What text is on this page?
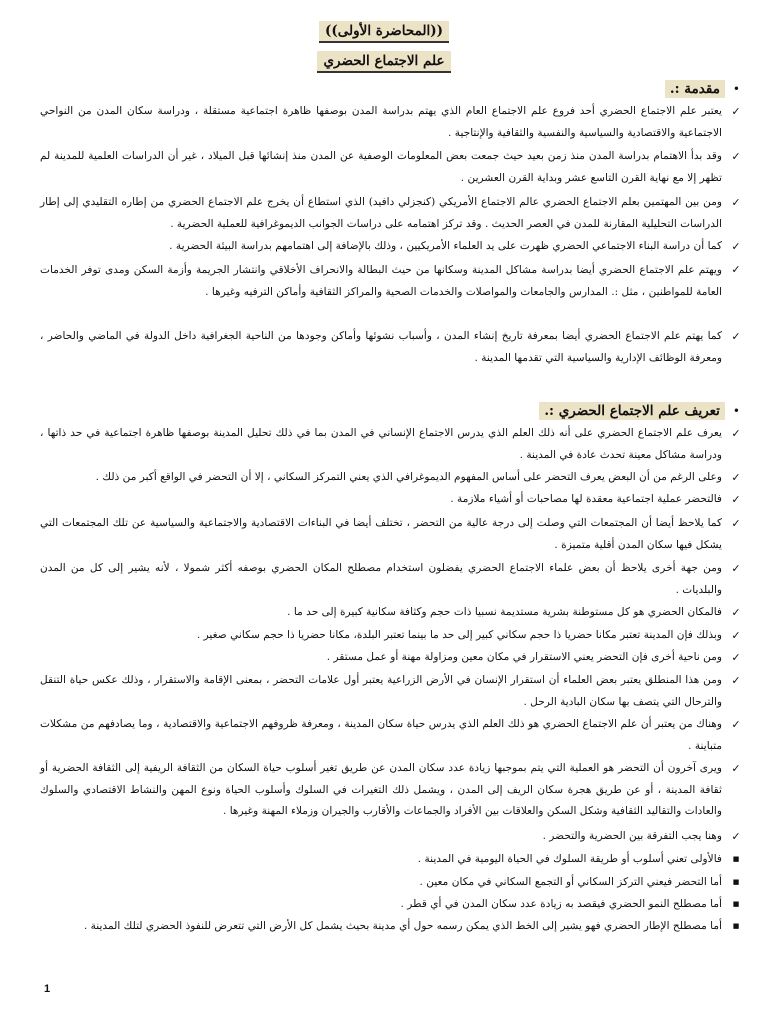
((المحاضرة الأولى))
علم الاجتماع الحضري
•
مقدمة :.
✓
يعتبر علم الاجتماع الحضري أحد فروع علم الاجتماع العام الذي يهتم بدراسة المدن بوصفها ظاهرة اجتماعية مستقلة ، ودراسة سكان المدن من النواحي الاجتماعية والاقتصادية والسياسية والنفسية والثقافية والإنتاجية .
✓
وقد بدأ الاهتمام بدراسة المدن منذ زمن بعيد حيث جمعت بعض المعلومات الوصفية عن المدن منذ إنشائها قبل الميلاد ، غير أن الدراسات العلمية للمدينة لم تظهر إلا مع نهاية القرن التاسع عشر وبداية القرن العشرين .
✓
ومن بين المهتمين بعلم الاجتماع الحضري عالم الاجتماع الأمريكي (كنجزلي دافيد) الذي استطاع أن يخرج علم الاجتماع الحضري من إطاره التقليدي إلى إطار الدراسات التحليلية المقارنة للمدن في العصر الحديث . وقد تركز اهتمامه على دراسات الجوانب الديموغرافية للعملية الحضرية .
✓
كما أن دراسة البناء الاجتماعي الحضري ظهرت على يد العلماء الأمريكيين ، وذلك بالإضافة إلى اهتمامهم بدراسة البيئة الحضرية .
✓
ويهتم علم الاجتماع الحضري أيضا بدراسة مشاكل المدينة وسكانها من حيث البطالة والانحراف الأخلاقي وانتشار الجريمة وأزمة السكن ومدى توفر الخدمات العامة للمواطنين ، مثل :. المدارس والجامعات والمواصلات والخدمات الصحية والمراكز الثقافية وأماكن الترفيه وغيرها .
✓
كما يهتم علم الاجتماع الحضري أيضا بمعرفة تاريخ إنشاء المدن ، وأسباب نشوئها وأماكن وجودها من الناحية الجغرافية داخل الدولة في الماضي والحاضر ، ومعرفة الوظائف الإدارية والسياسية التي تقدمها المدينة .
•
تعريف علم الاجتماع الحضري :.
✓
يعرف علم الاجتماع الحضري على أنه ذلك العلم الذي يدرس الاجتماع الإنساني في المدن بما في ذلك تحليل المدينة بوصفها ظاهرة اجتماعية في حد ذاتها ، ودراسة مشاكل معينة تحدث عادة في المدينة .
✓
وعلى الرغم من أن البعض يعرف التحضر على أساس المفهوم الديموغرافي الذي يعني التمركز السكاني ، إلا أن التحضر في الواقع أكبر من ذلك .
✓
فالتحضر عملية اجتماعية معقدة لها مصاحبات أو أشياء ملازمة .
✓
كما يلاحظ أيضا أن المجتمعات التي وصلت إلى درجة عالية من التحضر ، تختلف أيضا في البناءات الاقتصادية والاجتماعية والسياسية عن تلك المجتمعات التي يشكل فيها سكان المدن أقلية متميزة .
✓
ومن جهة أخرى يلاحظ أن بعض علماء الاجتماع الحضري يفضلون استخدام مصطلح المكان الحضري بوصفه أكثر شمولا ، لأنه يشير إلى كل من المدن والبلديات .
✓
فالمكان الحضري هو كل مستوطنة بشرية مستديمة نسبيا ذات حجم وكثافة سكانية كبيرة إلى حد ما .
✓
وبذلك فإن المدينة تعتبر مكانا حضريا ذا حجم سكاني كبير إلى حد ما بينما تعتبر البلدة، مكانا حضريا ذا حجم سكاني صغير .
✓
ومن ناحية أخرى فإن التحضر يعني الاستقرار في مكان معين ومزاولة مهنة أو عمل مستقر .
✓
ومن هذا المنطلق يعتبر بعض العلماء أن استقرار الإنسان في الأرض الزراعية يعتبر أول علامات التحضر ، بمعنى الإقامة والاستقرار ، وذلك عكس حياة التنقل والترحال التي يتصف بها سكان البادية الرحل .
✓
وهناك من يعتبر أن علم الاجتماع الحضري هو ذلك العلم الذي يدرس حياة سكان المدينة ، ومعرفة ظروفهم الاجتماعية والاقتصادية ، وما يصادفهم من مشكلات متباينة .
✓
ويرى آخرون أن التحضر هو العملية التي يتم بموجبها زيادة عدد سكان المدن عن طريق تغير أسلوب حياة السكان من الثقافة الريفية إلى الثقافة الحضرية أو ثقافة المدينة ، أو عن طريق هجرة سكان الريف إلى المدن ، ويشمل ذلك التغيرات في السلوك وأسلوب الحياة ونوع المهن والنشاط الاقتصادي والسلوك والعادات والتقاليد الثقافية وشكل السكن والعلاقات بين الأفراد والجماعات والأقارب والجيران وزملاء المهنة وغيرها .
✓
وهنا يجب التفرقة بين الحضرية والتحضر .
■
فالأولى تعني أسلوب أو طريقة السلوك في الحياة اليومية في المدينة .
■
أما التحضر فيعني التركز السكاني أو التجمع السكاني في مكان معين .
■
أما مصطلح النمو الحضري فيقصد به زيادة عدد سكان المدن في أي قطر .
■
أما مصطلح الإطار الحضري فهو يشير إلى الخط الذي يمكن رسمه حول أي مدينة بحيث يشمل كل الأرض التي تتعرض للنفوذ الحضري لتلك المدينة .
1
